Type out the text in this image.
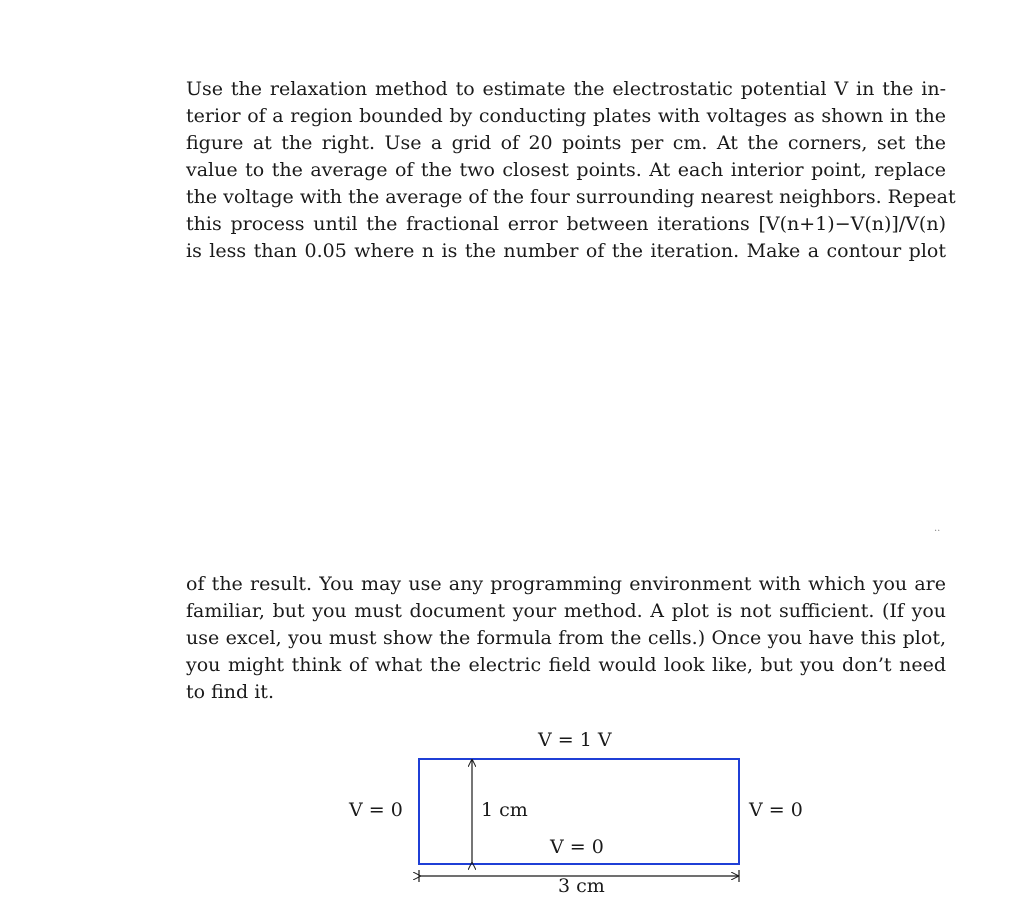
Use the relaxation method to estimate the electrostatic potential V in the in-
terior of a region bounded by conducting plates with voltages as shown in the
figure at the right. Use a grid of 20 points per cm. At the corners, set the
value to the average of the two closest points. At each interior point, replace
the voltage with the average of the four surrounding nearest neighbors. Repeat
this process until the fractional error between iterations [V(n+1)−V(n)]/V(n)
is less than 0.05 where n is the number of the iteration. Make a contour plot

..

of the result. You may use any programming environment with which you are
familiar, but you must document your method. A plot is not sufficient. (If you
use excel, you must show the formula from the cells.) Once you have this plot,
you might think of what the electric field would look like, but you don’t need
to find it.

V = 1 V
V = 0	V = 0
V = 0
1 cm
3 cm
